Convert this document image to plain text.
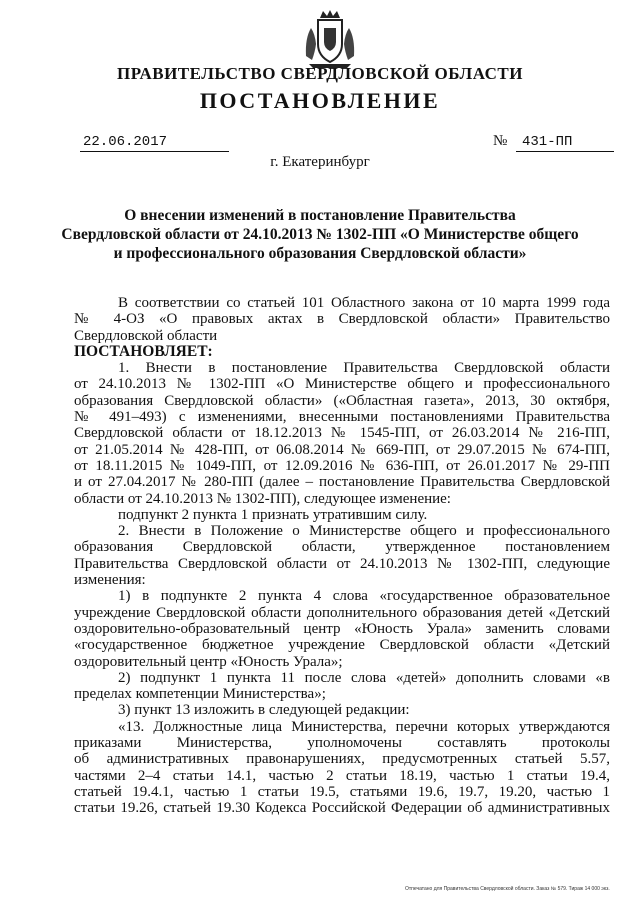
ПРАВИТЕЛЬСТВО СВЕРДЛОВСКОЙ ОБЛАСТИ
ПОСТАНОВЛЕНИЕ
22.06.2017	№	431-ПП
г. Екатеринбург
О внесении изменений в постановление Правительства
Свердловской области от 24.10.2013 № 1302-ПП «О Министерстве общего
и профессионального образования Свердловской области»
В соответствии со статьей 101 Областного закона от 10 марта 1999 года
№ 4-ОЗ «О правовых актах в Свердловской области» Правительство
Свердловской области
ПОСТАНОВЛЯЕТ:
1. Внести в постановление Правительства Свердловской области
от 24.10.2013 № 1302-ПП «О Министерстве общего и профессионального
образования Свердловской области» («Областная газета», 2013, 30 октября,
№ 491–493) с изменениями, внесенными постановлениями Правительства
Свердловской области от 18.12.2013 № 1545-ПП, от 26.03.2014 № 216-ПП,
от 21.05.2014 № 428-ПП, от 06.08.2014 № 669-ПП, от 29.07.2015 № 674-ПП,
от 18.11.2015 № 1049-ПП, от 12.09.2016 № 636-ПП, от 26.01.2017 № 29-ПП
и от 27.04.2017 № 280-ПП (далее – постановление Правительства Свердловской
области от 24.10.2013 № 1302-ПП), следующее изменение:
подпункт 2 пункта 1 признать утратившим силу.
2. Внести в Положение о Министерстве общего и профессионального
образования Свердловской области, утвержденное постановлением
Правительства Свердловской области от 24.10.2013 № 1302-ПП, следующие
изменения:
1) в подпункте 2 пункта 4 слова «государственное образовательное
учреждение Свердловской области дополнительного образования детей «Детский
оздоровительно-образовательный центр «Юность Урала» заменить словами
«государственное бюджетное учреждение Свердловской области «Детский
оздоровительный центр «Юность Урала»;
2) подпункт 1 пункта 11 после слова «детей» дополнить словами «в
пределах компетенции Министерства»;
3) пункт 13 изложить в следующей редакции:
«13. Должностные лица Министерства, перечни которых утверждаются
приказами Министерства, уполномочены составлять протоколы
об административных правонарушениях, предусмотренных статьей 5.57,
частями 2–4 статьи 14.1, частью 2 статьи 18.19, частью 1 статьи 19.4,
статьей 19.4.1, частью 1 статьи 19.5, статьями 19.6, 19.7, 19.20, частью 1
статьи 19.26, статьей 19.30 Кодекса Российской Федерации об административных
Отпечатано для Правительства Свердловской области. Заказ № 579. Тираж 14 000 экз.
